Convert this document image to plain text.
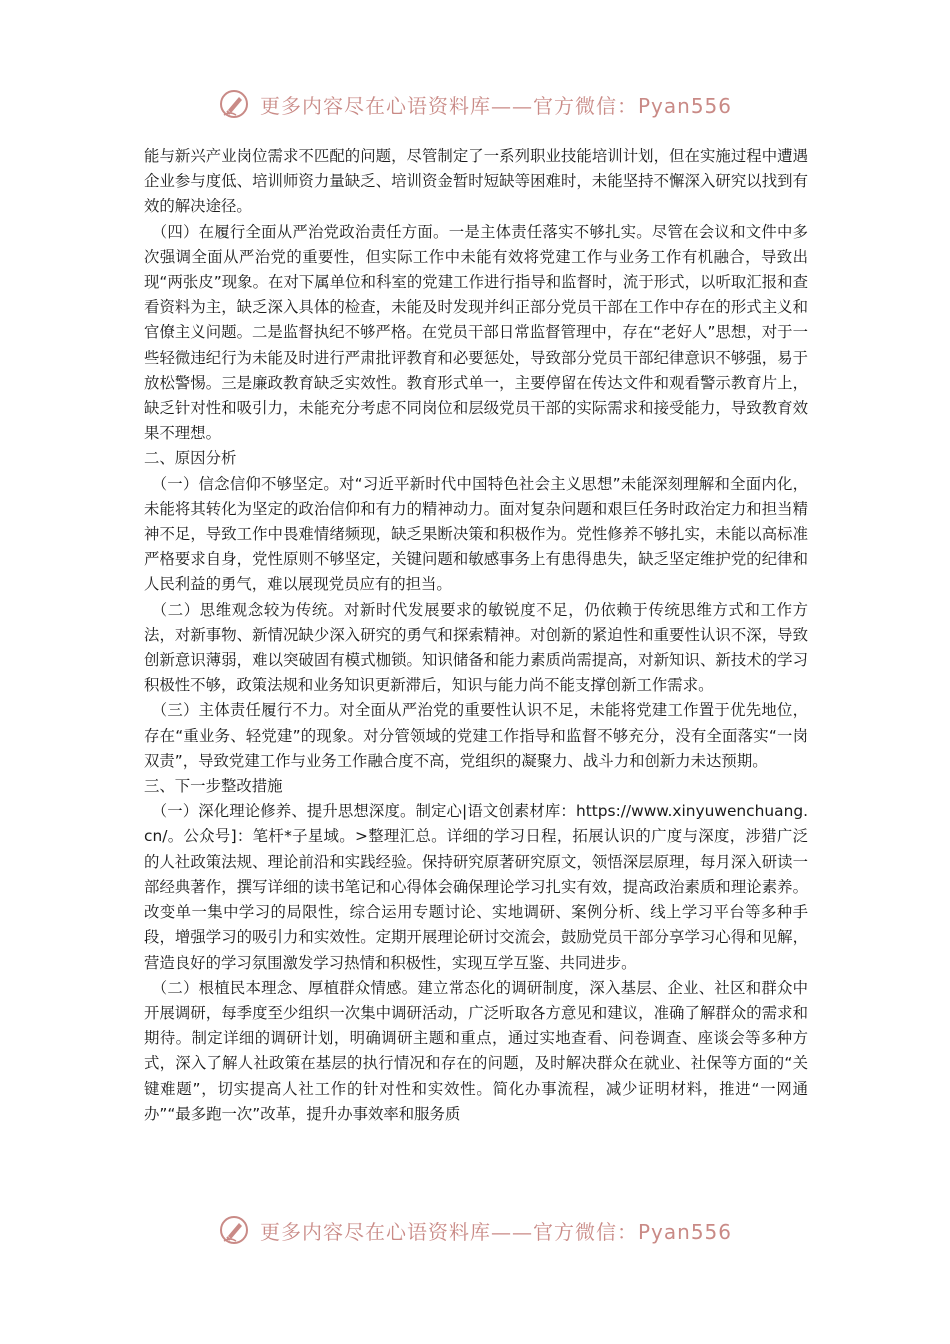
更多内容尽在心语资料库——官方微信：Pyan556

能与新兴产业岗位需求不匹配的问题，尽管制定了一系列职业技能培训计划，但在实施过程中遭遇企业参与度低、培训师资力量缺乏、培训资金暂时短缺等困难时，未能坚持不懈深入研究以找到有效的解决途径。

（四）在履行全面从严治党政治责任方面。一是主体责任落实不够扎实。尽管在会议和文件中多次强调全面从严治党的重要性，但实际工作中未能有效将党建工作与业务工作有机融合，导致出现“两张皮”现象。在对下属单位和科室的党建工作进行指导和监督时，流于形式，以听取汇报和查看资料为主，缺乏深入具体的检查，未能及时发现并纠正部分党员干部在工作中存在的形式主义和官僚主义问题。二是监督执纪不够严格。在党员干部日常监督管理中，存在“老好人”思想，对于一些轻微违纪行为未能及时进行严肃批评教育和必要惩处，导致部分党员干部纪律意识不够强，易于放松警惕。三是廉政教育缺乏实效性。教育形式单一，主要停留在传达文件和观看警示教育片上，缺乏针对性和吸引力，未能充分考虑不同岗位和层级党员干部的实际需求和接受能力，导致教育效果不理想。

二、原因分析

（一）信念信仰不够坚定。对“习近平新时代中国特色社会主义思想”未能深刻理解和全面内化，未能将其转化为坚定的政治信仰和有力的精神动力。面对复杂问题和艰巨任务时政治定力和担当精神不足，导致工作中畏难情绪频现，缺乏果断决策和积极作为。党性修养不够扎实，未能以高标准严格要求自身，党性原则不够坚定，关键问题和敏感事务上有患得患失，缺乏坚定维护党的纪律和人民利益的勇气，难以展现党员应有的担当。

（二）思维观念较为传统。对新时代发展要求的敏锐度不足，仍依赖于传统思维方式和工作方法，对新事物、新情况缺少深入研究的勇气和探索精神。对创新的紧迫性和重要性认识不深，导致创新意识薄弱，难以突破固有模式枷锁。知识储备和能力素质尚需提高，对新知识、新技术的学习积极性不够，政策法规和业务知识更新滞后，知识与能力尚不能支撑创新工作需求。

（三）主体责任履行不力。对全面从严治党的重要性认识不足，未能将党建工作置于优先地位，存在“重业务、轻党建”的现象。对分管领域的党建工作指导和监督不够充分，没有全面落实“一岗双责”，导致党建工作与业务工作融合度不高，党组织的凝聚力、战斗力和创新力未达预期。

三、下一步整改措施

（一）深化理论修养、提升思想深度。制定心|语文创素材库：https://www.xinyuwenchuang.cn/。公众号]：笔杆*子星域。>整理汇总。详细的学习日程，拓展认识的广度与深度，涉猎广泛的人社政策法规、理论前沿和实践经验。保持研究原著研究原文，领悟深层原理，每月深入研读一部经典著作，撰写详细的读书笔记和心得体会确保理论学习扎实有效，提高政治素质和理论素养。改变单一集中学习的局限性，综合运用专题讨论、实地调研、案例分析、线上学习平台等多种手段，增强学习的吸引力和实效性。定期开展理论研讨交流会，鼓励党员干部分享学习心得和见解，营造良好的学习氛围激发学习热情和积极性，实现互学互鉴、共同进步。

（二）根植民本理念、厚植群众情感。建立常态化的调研制度，深入基层、企业、社区和群众中开展调研，每季度至少组织一次集中调研活动，广泛听取各方意见和建议，准确了解群众的需求和期待。制定详细的调研计划，明确调研主题和重点，通过实地查看、问卷调查、座谈会等多种方式，深入了解人社政策在基层的执行情况和存在的问题，及时解决群众在就业、社保等方面的“关键难题”，切实提高人社工作的针对性和实效性。简化办事流程，减少证明材料，推进“一网通办”“最多跑一次”改革，提升办事效率和服务质

更多内容尽在心语资料库——官方微信：Pyan556
